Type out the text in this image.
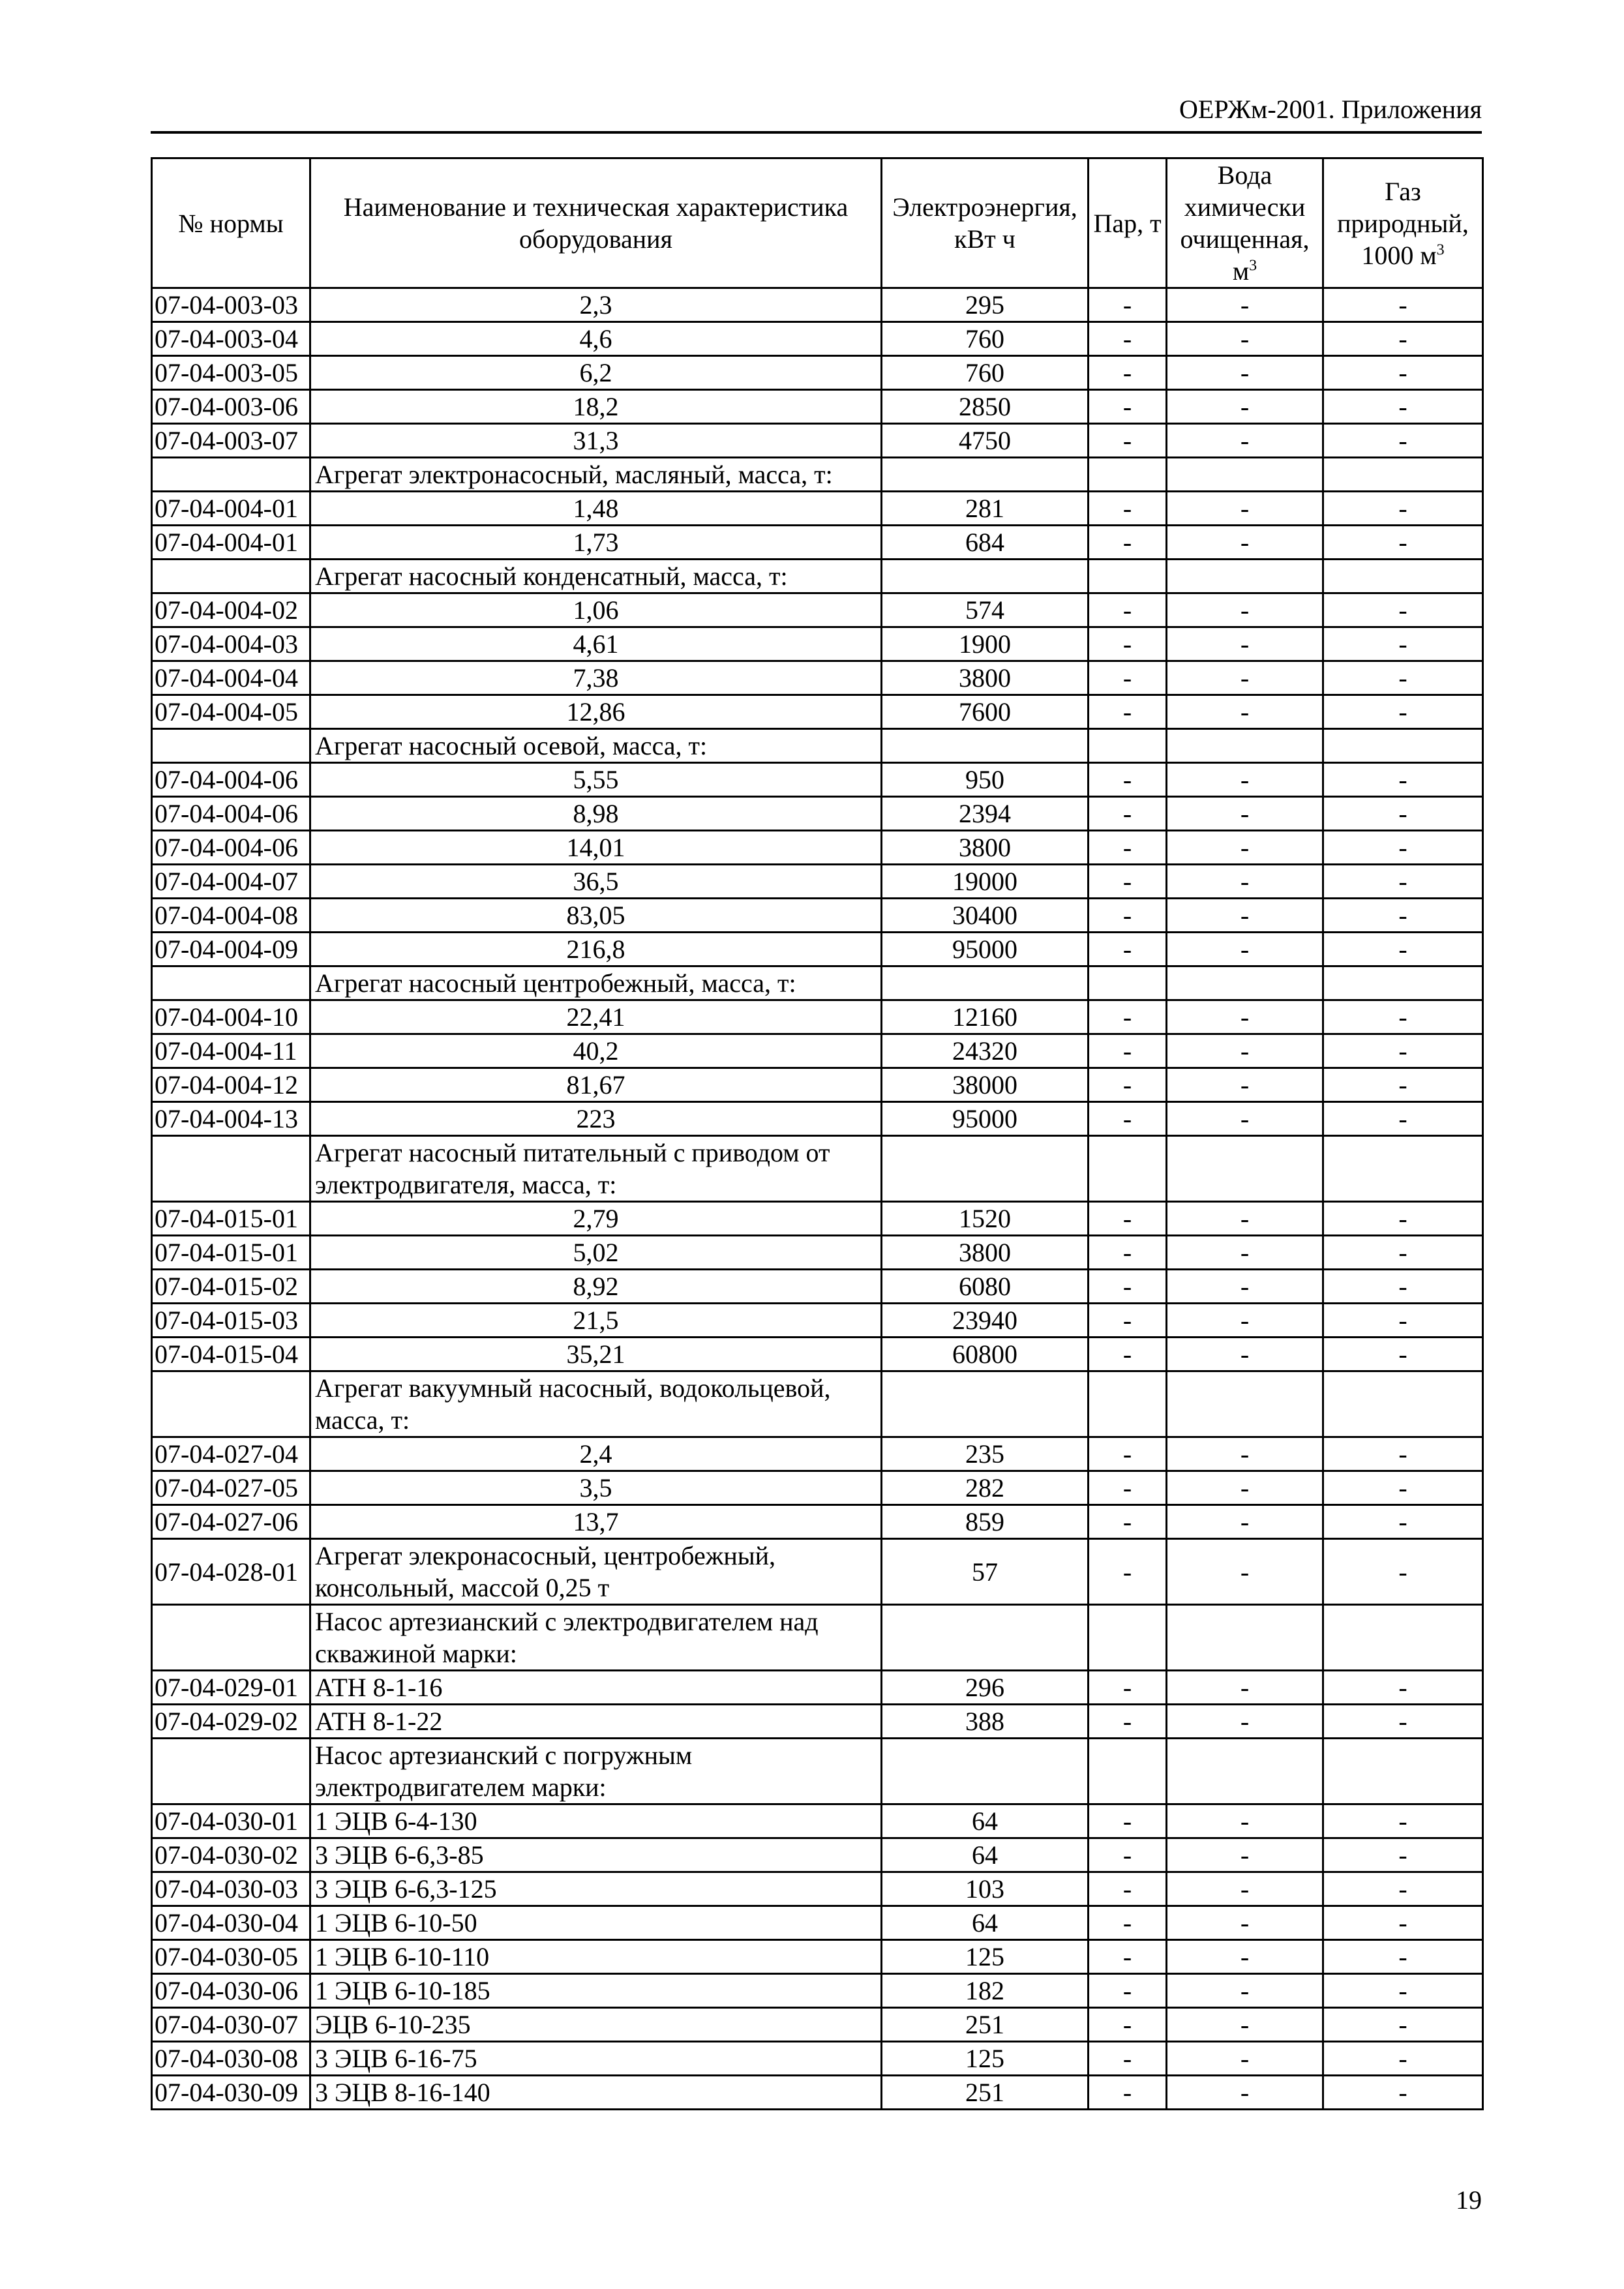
ОЕРЖм-2001. Приложения
№ нормы	Наименование и техническая характеристика оборудования	Электроэнергия, кВт ч	Пар, т	Вода химически очищенная, $м^3$	Газ природный, 1000 $м^3$
07-04-003-03	2,3	295	-	-	-
07-04-003-04	4,6	760	-	-	-
07-04-003-05	6,2	760	-	-	-
07-04-003-06	18,2	2850	-	-	-
07-04-003-07	31,3	4750	-	-	-
	Агрегат электронасосный, масляный, масса, т:				
07-04-004-01	1,48	281	-	-	-
07-04-004-01	1,73	684	-	-	-
	Агрегат насосный конденсатный, масса, т:				
07-04-004-02	1,06	574	-	-	-
07-04-004-03	4,61	1900	-	-	-
07-04-004-04	7,38	3800	-	-	-
07-04-004-05	12,86	7600	-	-	-
	Агрегат насосный осевой, масса, т:				
07-04-004-06	5,55	950	-	-	-
07-04-004-06	8,98	2394	-	-	-
07-04-004-06	14,01	3800	-	-	-
07-04-004-07	36,5	19000	-	-	-
07-04-004-08	83,05	30400	-	-	-
07-04-004-09	216,8	95000	-	-	-
	Агрегат насосный центробежный, масса, т:				
07-04-004-10	22,41	12160	-	-	-
07-04-004-11	40,2	24320	-	-	-
07-04-004-12	81,67	38000	-	-	-
07-04-004-13	223	95000	-	-	-
	Агрегат насосный питательный с приводом от электродвигателя, масса, т:				
07-04-015-01	2,79	1520	-	-	-
07-04-015-01	5,02	3800	-	-	-
07-04-015-02	8,92	6080	-	-	-
07-04-015-03	21,5	23940	-	-	-
07-04-015-04	35,21	60800	-	-	-
	Агрегат вакуумный насосный, водокольцевой, масса, т:				
07-04-027-04	2,4	235	-	-	-
07-04-027-05	3,5	282	-	-	-
07-04-027-06	13,7	859	-	-	-
07-04-028-01	Агрегат элекронасосный, центробежный, консольный, массой 0,25 т	57	-	-	-
	Насос артезианский с электродвигателем над скважиной марки:				
07-04-029-01	АТН 8-1-16	296	-	-	-
07-04-029-02	АТН 8-1-22	388	-	-	-
	Насос артезианский с погружным электродвигателем марки:				
07-04-030-01	1 ЭЦВ 6-4-130	64	-	-	-
07-04-030-02	3 ЭЦВ 6-6,3-85	64	-	-	-
07-04-030-03	3 ЭЦВ 6-6,3-125	103	-	-	-
07-04-030-04	1 ЭЦВ 6-10-50	64	-	-	-
07-04-030-05	1 ЭЦВ 6-10-110	125	-	-	-
07-04-030-06	1 ЭЦВ 6-10-185	182	-	-	-
07-04-030-07	ЭЦВ 6-10-235	251	-	-	-
07-04-030-08	3 ЭЦВ 6-16-75	125	-	-	-
07-04-030-09	3 ЭЦВ 8-16-140	251	-	-	-
19
